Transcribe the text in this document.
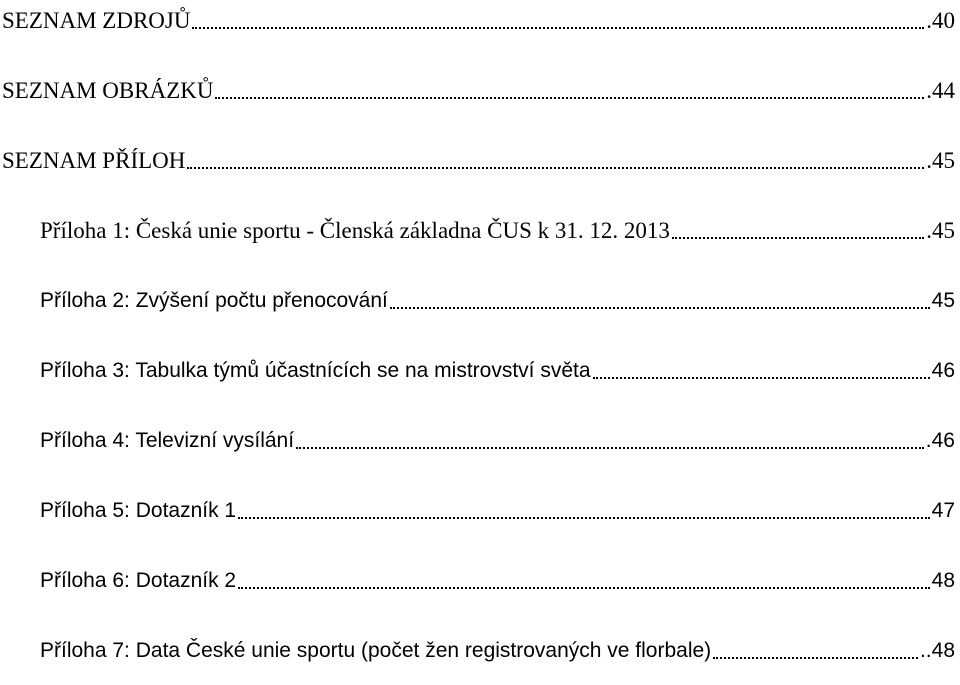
SEZNAM ZDROJŮ	.40
SEZNAM OBRÁZKŮ	.44
SEZNAM PŘÍLOH	.45
Příloha 1: Česká unie sportu - Členská základna ČUS k 31. 12. 2013	.45
Příloha 2: Zvýšení počtu přenocování	45
Příloha 3: Tabulka týmů účastnících se na mistrovství světa	46
Příloha 4: Televizní vysílání	.46
Příloha 5: Dotazník 1	47
Příloha 6: Dotazník 2	48
Příloha 7: Data České unie sportu (počet žen registrovaných ve florbale)	..48
